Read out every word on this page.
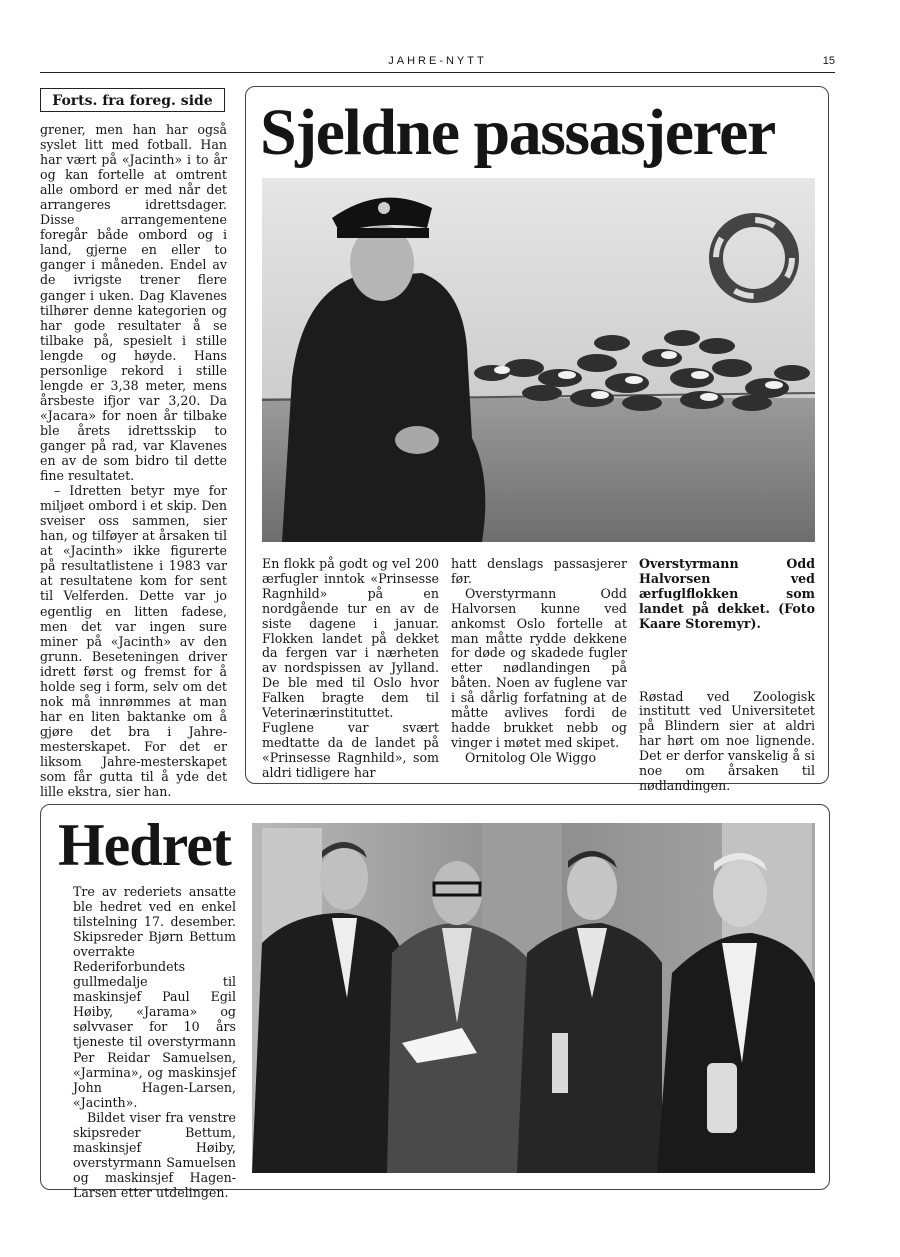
JAHRE-NYTT	15
Forts. fra foreg. side

grener, men han har også syslet litt med fotball. Han har vært på «Jacinth» i to år og kan fortelle at omtrent alle ombord er med når det arrangeres idrettsdager. Disse arrangementene foregår både ombord og i land, gjerne en eller to ganger i måneden. Endel av de ivrigste trener flere ganger i uken. Dag Klavenes tilhører denne kategorien og har gode resultater å se tilbake på, spesielt i stille lengde og høyde. Hans personlige rekord i stille lengde er 3,38 meter, mens årsbeste ifjor var 3,20. Da «Jacara» for noen år tilbake ble årets idrettsskip to ganger på rad, var Klavenes en av de som bidro til dette fine resultatet.

– Idretten betyr mye for miljøet ombord i et skip. Den sveiser oss sammen, sier han, og tilføyer at årsaken til at «Jacinth» ikke figurerte på resultatlistene i 1983 var at resultatene kom for sent til Velferden. Dette var jo egentlig en litten fadese, men det var ingen sure miner på «Jacinth» av den grunn. Beseteningen driver idrett først og fremst for å holde seg i form, selv om det nok må innrømmes at man har en liten baktanke om å gjøre det bra i Jahre-mesterskapet. For det er liksom Jahre-mesterskapet som får gutta til å yde det lille ekstra, sier han.

Sjeldne passasjerer

En flokk på godt og vel 200 ærfugler inntok «Prinsesse Ragnhild» på en nordgående tur en av de siste dagene i januar. Flokken landet på dekket da fergen var i nærheten av nordspissen av Jylland. De ble med til Oslo hvor Falken bragte dem til Veterinærinstituttet. Fuglene var svært medtatte da de landet på «Prinsesse Ragnhild», som aldri tidligere har

hatt denslags passasjerer før.

Overstyrmann Odd Halvorsen kunne ved ankomst Oslo fortelle at man måtte rydde dekkene for døde og skadede fugler etter nødlandingen på båten. Noen av fuglene var i så dårlig forfatning at de måtte avlives fordi de hadde brukket nebb og vinger i møtet med skipet.

Ornitolog Ole Wiggo

Overstyrmann Odd Halvorsen ved ærfuglflokken som landet på dekket. (Foto Kaare Storemyr).

Røstad ved Zoologisk institutt ved Universitetet på Blindern sier at aldri har hørt om noe lignende. Det er derfor vanskelig å si noe om årsaken til nødlandingen.

Hedret

Tre av rederiets ansatte ble hedret ved en enkel tilstelning 17. desember. Skipsreder Bjørn Bettum overrakte Rederiforbundets gullmedalje til maskinsjef Paul Egil Høiby, «Jarama» og sølvvaser for 10 års tjeneste til overstyrmann Per Reidar Samuelsen, «Jarmina», og maskinsjef John Hagen-Larsen, «Jacinth».

Bildet viser fra venstre skipsreder Bettum, maskinsjef Høiby, overstyrmann Samuelsen og maskinsjef Hagen-Larsen etter utdelingen.
